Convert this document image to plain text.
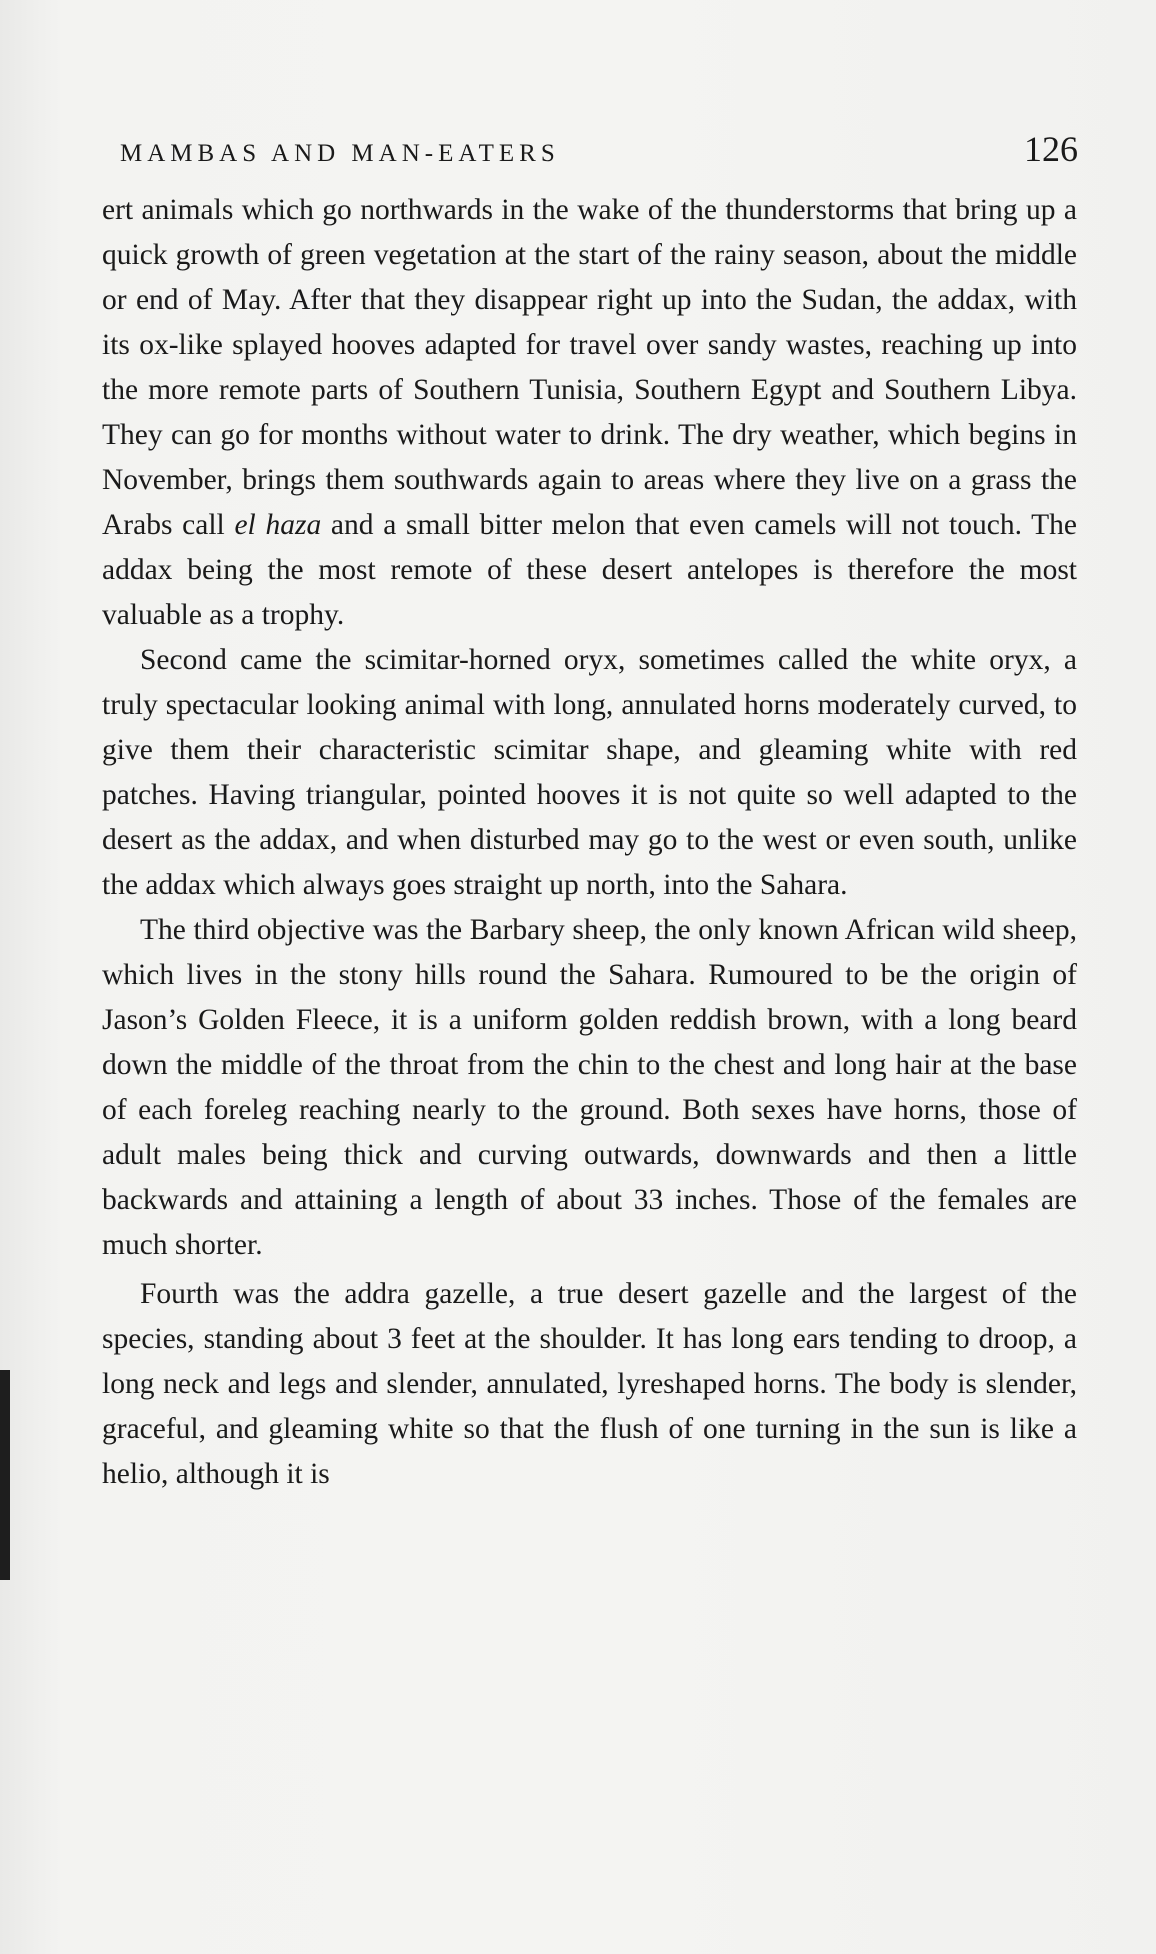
MAMBAS AND MAN-EATERS	126

ert animals which go northwards in the wake of the thunderstorms that bring up a quick growth of green vegetation at the start of the rainy season, about the middle or end of May. After that they disappear right up into the Sudan, the addax, with its ox-like splayed hooves adapted for travel over sandy wastes, reaching up into the more remote parts of Southern Tunisia, Southern Egypt and Southern Libya. They can go for months without water to drink. The dry weather, which begins in November, brings them southwards again to areas where they live on a grass the Arabs call el haza and a small bitter melon that even camels will not touch. The addax being the most remote of these desert antelopes is therefore the most valuable as a trophy.

Second came the scimitar-horned oryx, sometimes called the white oryx, a truly spectacular looking animal with long, annulated horns moderately curved, to give them their characteristic scimitar shape, and gleaming white with red patches. Having triangular, pointed hooves it is not quite so well adapted to the desert as the addax, and when disturbed may go to the west or even south, unlike the addax which always goes straight up north, into the Sahara.

The third objective was the Barbary sheep, the only known African wild sheep, which lives in the stony hills round the Sahara. Rumoured to be the origin of Jason’s Golden Fleece, it is a uniform golden reddish brown, with a long beard down the middle of the throat from the chin to the chest and long hair at the base of each foreleg reaching nearly to the ground. Both sexes have horns, those of adult males being thick and curving outwards, downwards and then a little backwards and attaining a length of about 33 inches. Those of the females are much shorter.

Fourth was the addra gazelle, a true desert gazelle and the largest of the species, standing about 3 feet at the shoulder. It has long ears tending to droop, a long neck and legs and slender, annulated, lyreshaped horns. The body is slender, graceful, and gleaming white so that the flush of one turning in the sun is like a helio, although it is
